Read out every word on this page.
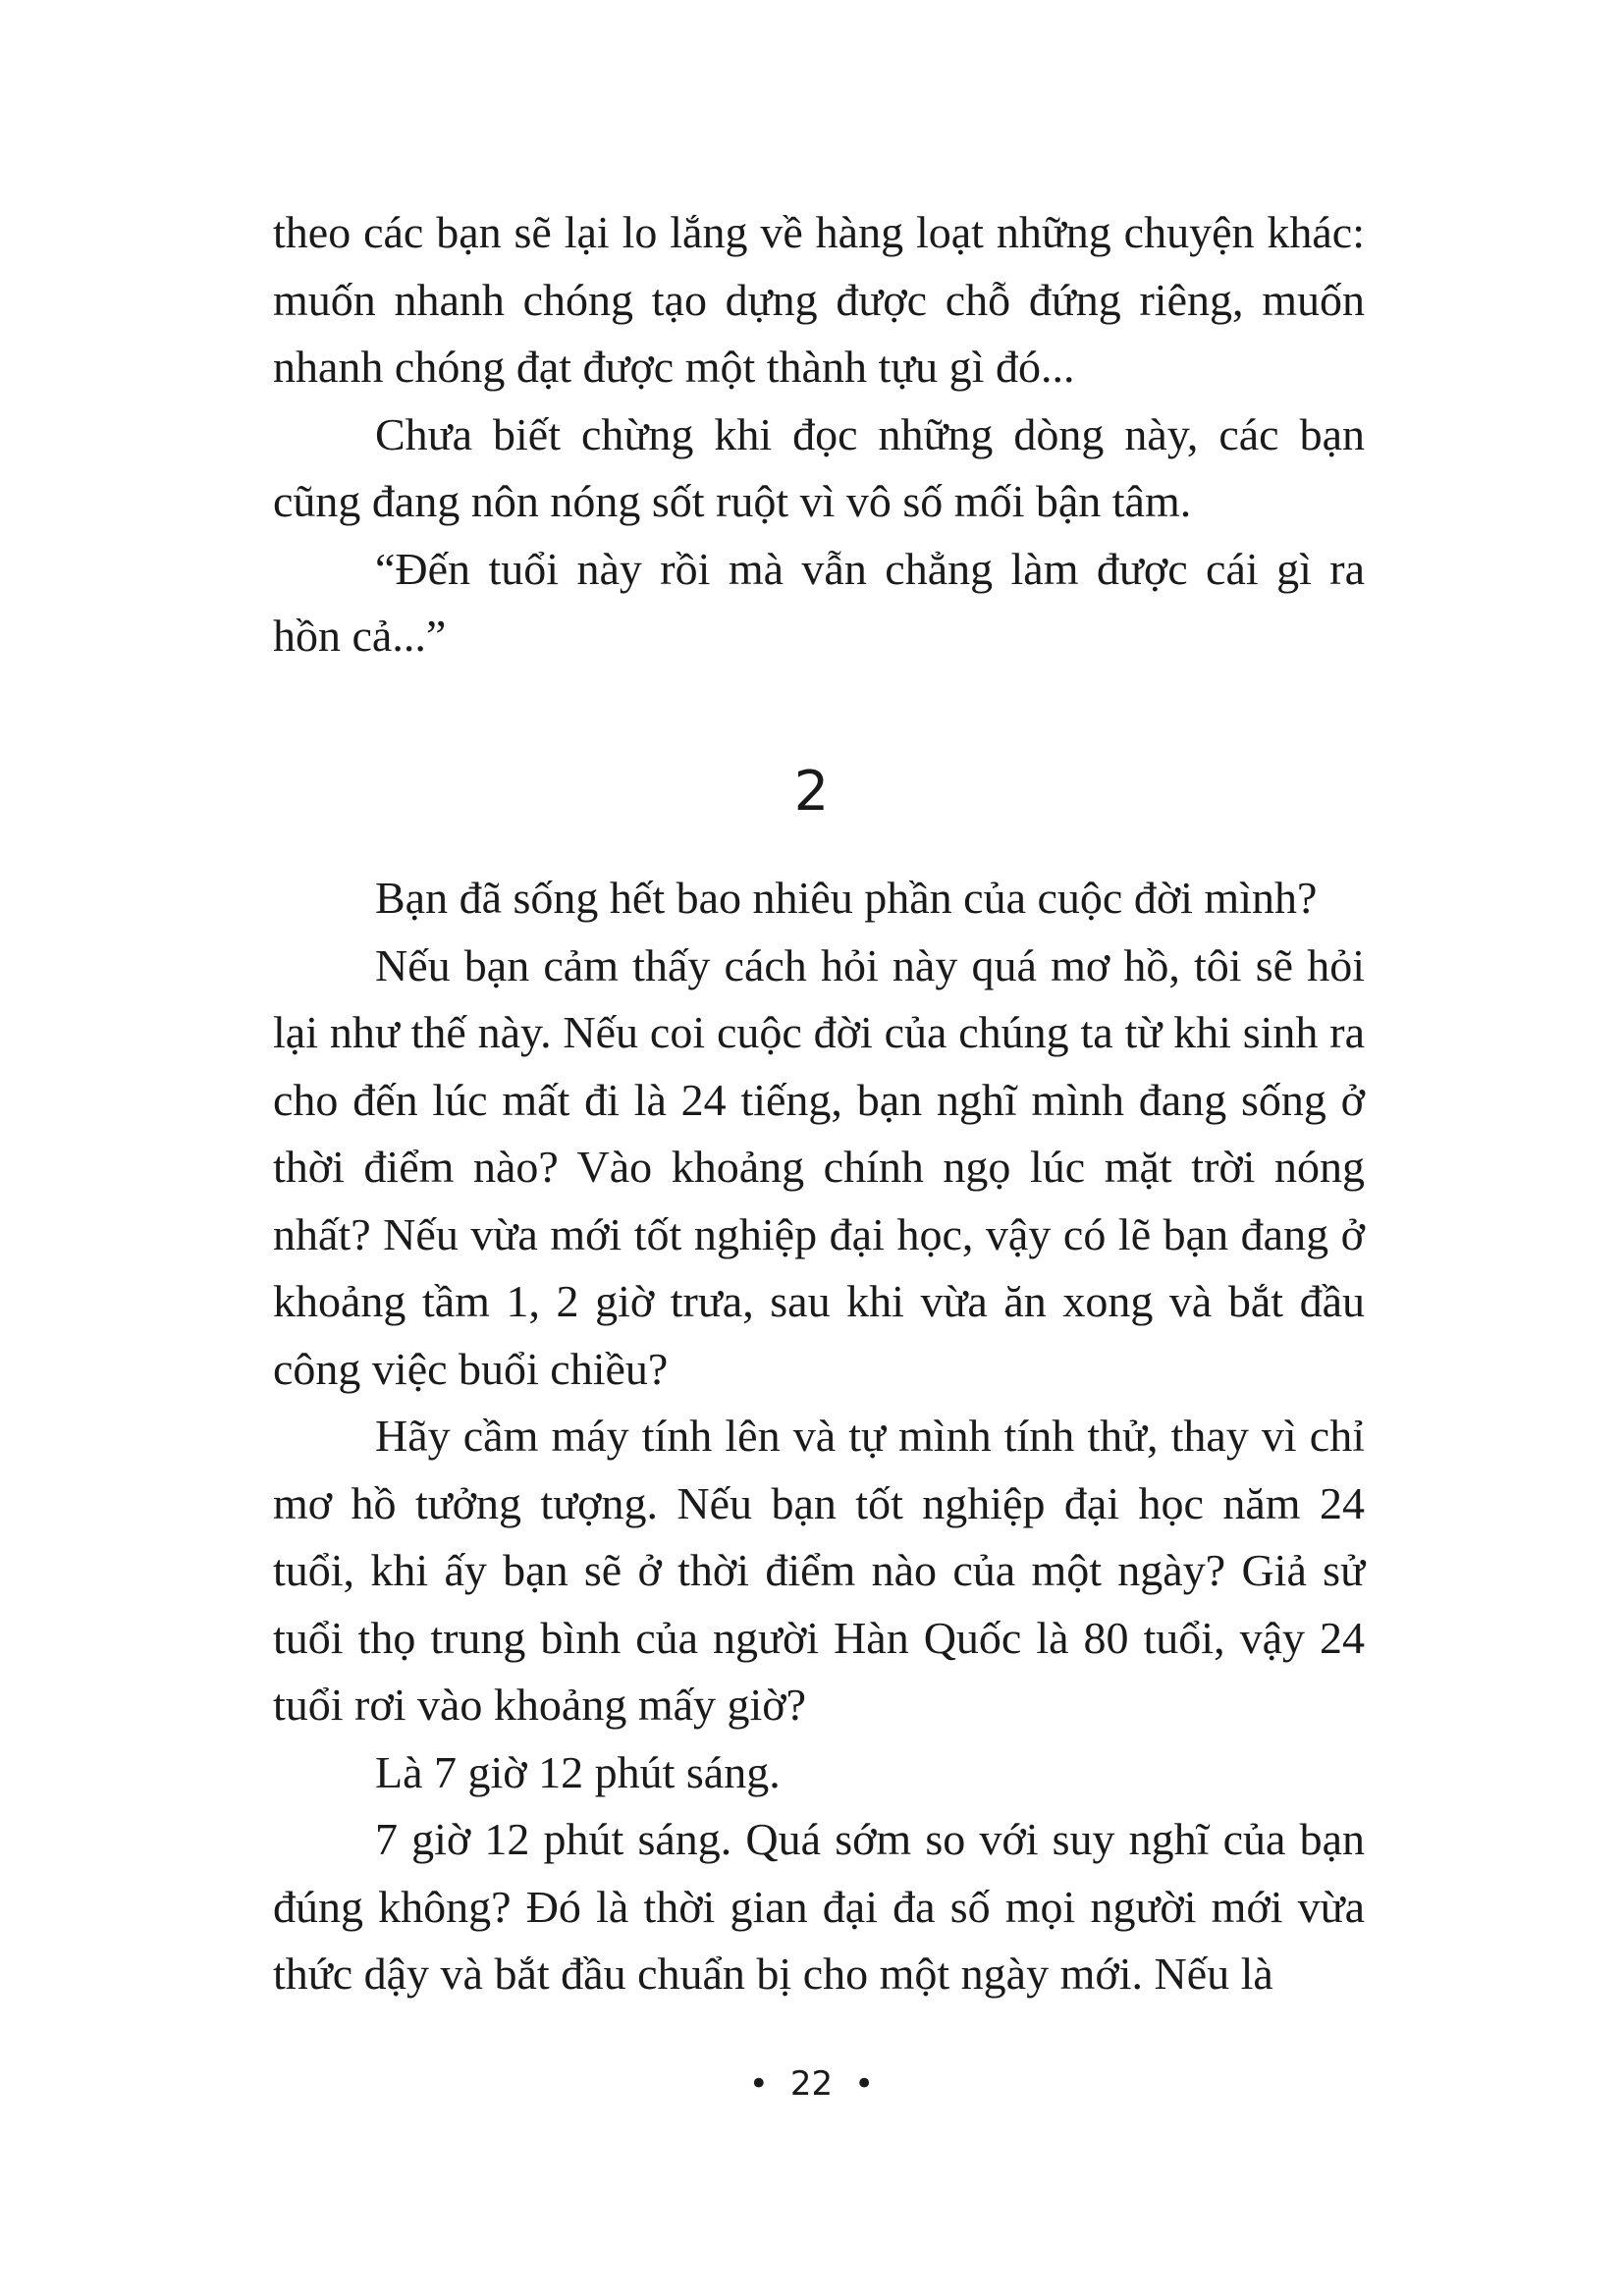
theo các bạn sẽ lại lo lắng về hàng loạt những chuyện khác: muốn nhanh chóng tạo dựng được chỗ đứng riêng, muốn nhanh chóng đạt được một thành tựu gì đó...

Chưa biết chừng khi đọc những dòng này, các bạn cũng đang nôn nóng sốt ruột vì vô số mối bận tâm.

“Đến tuổi này rồi mà vẫn chẳng làm được cái gì ra hồn cả...”

2

Bạn đã sống hết bao nhiêu phần của cuộc đời mình?

Nếu bạn cảm thấy cách hỏi này quá mơ hồ, tôi sẽ hỏi lại như thế này. Nếu coi cuộc đời của chúng ta từ khi sinh ra cho đến lúc mất đi là 24 tiếng, bạn nghĩ mình đang sống ở thời điểm nào? Vào khoảng chính ngọ lúc mặt trời nóng nhất? Nếu vừa mới tốt nghiệp đại học, vậy có lẽ bạn đang ở khoảng tầm 1, 2 giờ trưa, sau khi vừa ăn xong và bắt đầu công việc buổi chiều?

Hãy cầm máy tính lên và tự mình tính thử, thay vì chỉ mơ hồ tưởng tượng. Nếu bạn tốt nghiệp đại học năm 24 tuổi, khi ấy bạn sẽ ở thời điểm nào của một ngày? Giả sử tuổi thọ trung bình của người Hàn Quốc là 80 tuổi, vậy 24 tuổi rơi vào khoảng mấy giờ?

Là 7 giờ 12 phút sáng.

7 giờ 12 phút sáng. Quá sớm so với suy nghĩ của bạn đúng không? Đó là thời gian đại đa số mọi người mới vừa thức dậy và bắt đầu chuẩn bị cho một ngày mới. Nếu là

• 22 •
